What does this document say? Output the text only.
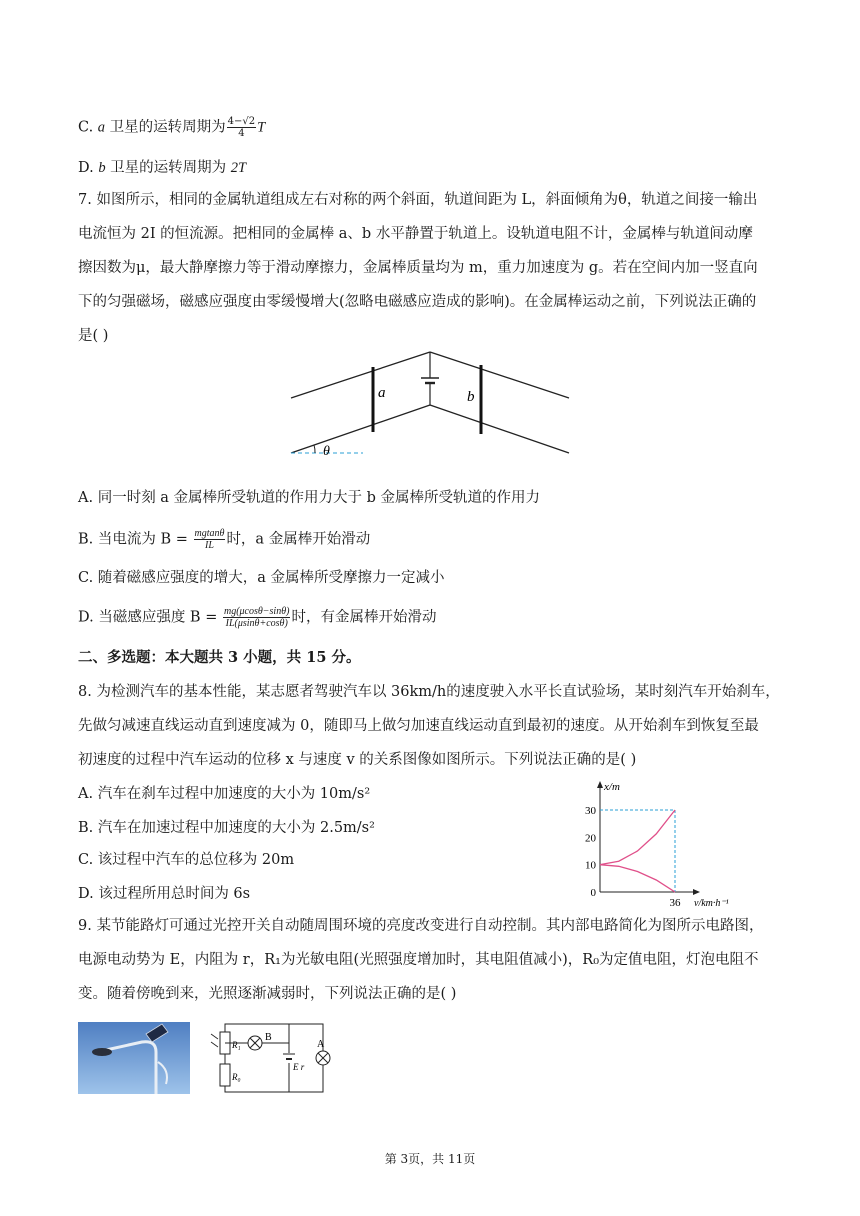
C. a 卫星的运转周期为 $\frac{4-√2}{4}$ T
D. b 卫星的运转周期为 2T
7. 如图所示，相同的金属轨道组成左右对称的两个斜面，轨道间距为 L，斜面倾角为θ，轨道之间接一输出
电流恒为 2I 的恒流源。把相同的金属棒 a、b 水平静置于轨道上。设轨道电阻不计，金属棒与轨道间动摩
擦因数为μ，最大静摩擦力等于滑动摩擦力，金属棒质量均为 m，重力加速度为 g。若在空间内加一竖直向
下的匀强磁场，磁感应强度由零缓慢增大(忽略电磁感应造成的影响)。在金属棒运动之前，下列说法正确的
是( )
a	b
θ
A. 同一时刻 a 金属棒所受轨道的作用力大于 b 金属棒所受轨道的作用力
B. 当电流为 $B = \frac{mgtan\theta}{IL}$ 时，a 金属棒开始滑动
C. 随着磁感应强度的增大，a 金属棒所受摩擦力一定减小
D. 当磁感应强度 $B = \frac{mg(\mu\cos\theta-\sin\theta)}{IL(\mu\sin\theta+\cos\theta)}$ 时，有金属棒开始滑动
二、多选题：本大题共 3 小题，共 15 分。
8. 为检测汽车的基本性能，某志愿者驾驶汽车以 36km/h的速度驶入水平长直试验场，某时刻汽车开始刹车，
先做匀减速直线运动直到速度减为 0，随即马上做匀加速直线运动直到最初的速度。从开始刹车到恢复至最
初速度的过程中汽车运动的位移 x 与速度 v 的关系图像如图所示。下列说法正确的是( )
A. 汽车在刹车过程中加速度的大小为 10m/s²
B. 汽车在加速过程中加速度的大小为 2.5m/s²
C. 该过程中汽车的总位移为 20m
D. 该过程所用总时间为 6s
x/m
v/km·h⁻¹
30
20
10
0
36
9. 某节能路灯可通过光控开关自动随周围环境的亮度改变进行自动控制。其内部电路简化为图所示电路图，
电源电动势为 E，内阻为 r，R₁为光敏电阻(光照强度增加时，其电阻值减小)，R₀为定值电阻，灯泡电阻不
变。随着傍晚到来，光照逐渐减弱时，下列说法正确的是( )
R₁
R₀
B
E r
A
第 3页，共 11页
